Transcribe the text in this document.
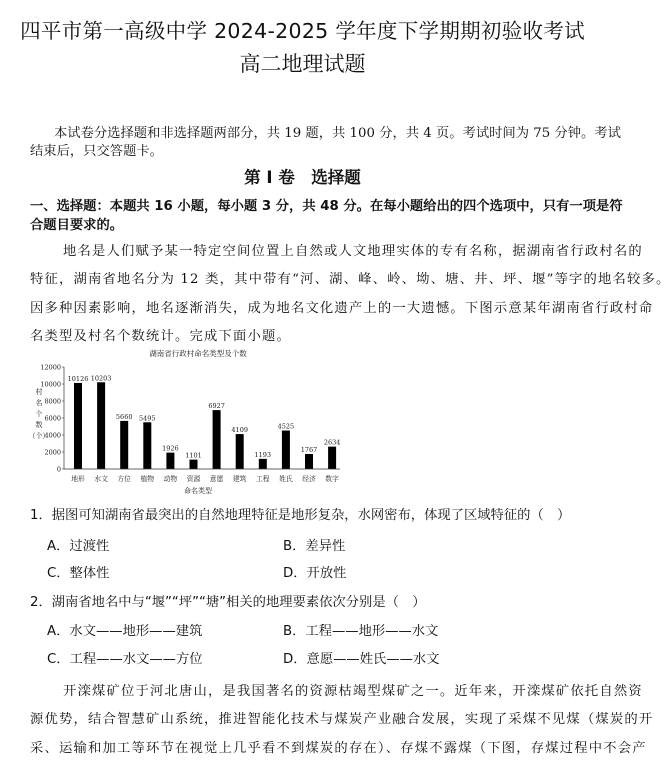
四平市第一高级中学 2024-2025 学年度下学期期初验收考试
高二地理试题
本试卷分选择题和非选择题两部分，共 19 题，共 100 分，共 4 页。考试时间为 75 分钟。考试
结束后，只交答题卡。
第 I 卷　选择题
一、选择题：本题共 16 小题，每小题 3 分，共 48 分。在每小题给出的四个选项中，只有一项是符
合题目要求的。
地名是人们赋予某一特定空间位置上自然或人文地理实体的专有名称，据湖南省行政村名的
特征，湖南省地名分为 12 类，其中带有“河、湖、峰、岭、坳、塘、井、坪、堰”等字的地名较多。
因多种因素影响，地名逐渐消失，成为地名文化遗产上的一大遗憾。下图示意某年湖南省行政村命
名类型及村名个数统计。完成下面小题。
湖南省行政村命名类型及个数
村
名
个
数
（个）
0
2000
4000
6000
8000
10000
12000
10126 10203
5660 5495
1926
1101
6927
4109
1193
4525
1767
2634
地形 水文 方位 植物 动物 资源 意愿 建筑 工程 姓氏 经济 数字
命名类型
1．据图可知湖南省最突出的自然地理特征是地形复杂，水网密布，体现了区域特征的（　）
A．过渡性	B．差异性
C．整体性	D．开放性
2．湖南省地名中与“堰”“坪”“塘”相关的地理要素依次分别是（　）
A．水文——地形——建筑	B．工程——地形——水文
C．工程——水文——方位	D．意愿——姓氏——水文
开滦煤矿位于河北唐山，是我国著名的资源枯竭型煤矿之一。近年来，开滦煤矿依托自然资
源优势，结合智慧矿山系统，推进智能化技术与煤炭产业融合发展，实现了采煤不见煤（煤炭的开
采、运输和加工等环节在视觉上几乎看不到煤炭的存在）、存煤不露煤（下图，存煤过程中不会产
